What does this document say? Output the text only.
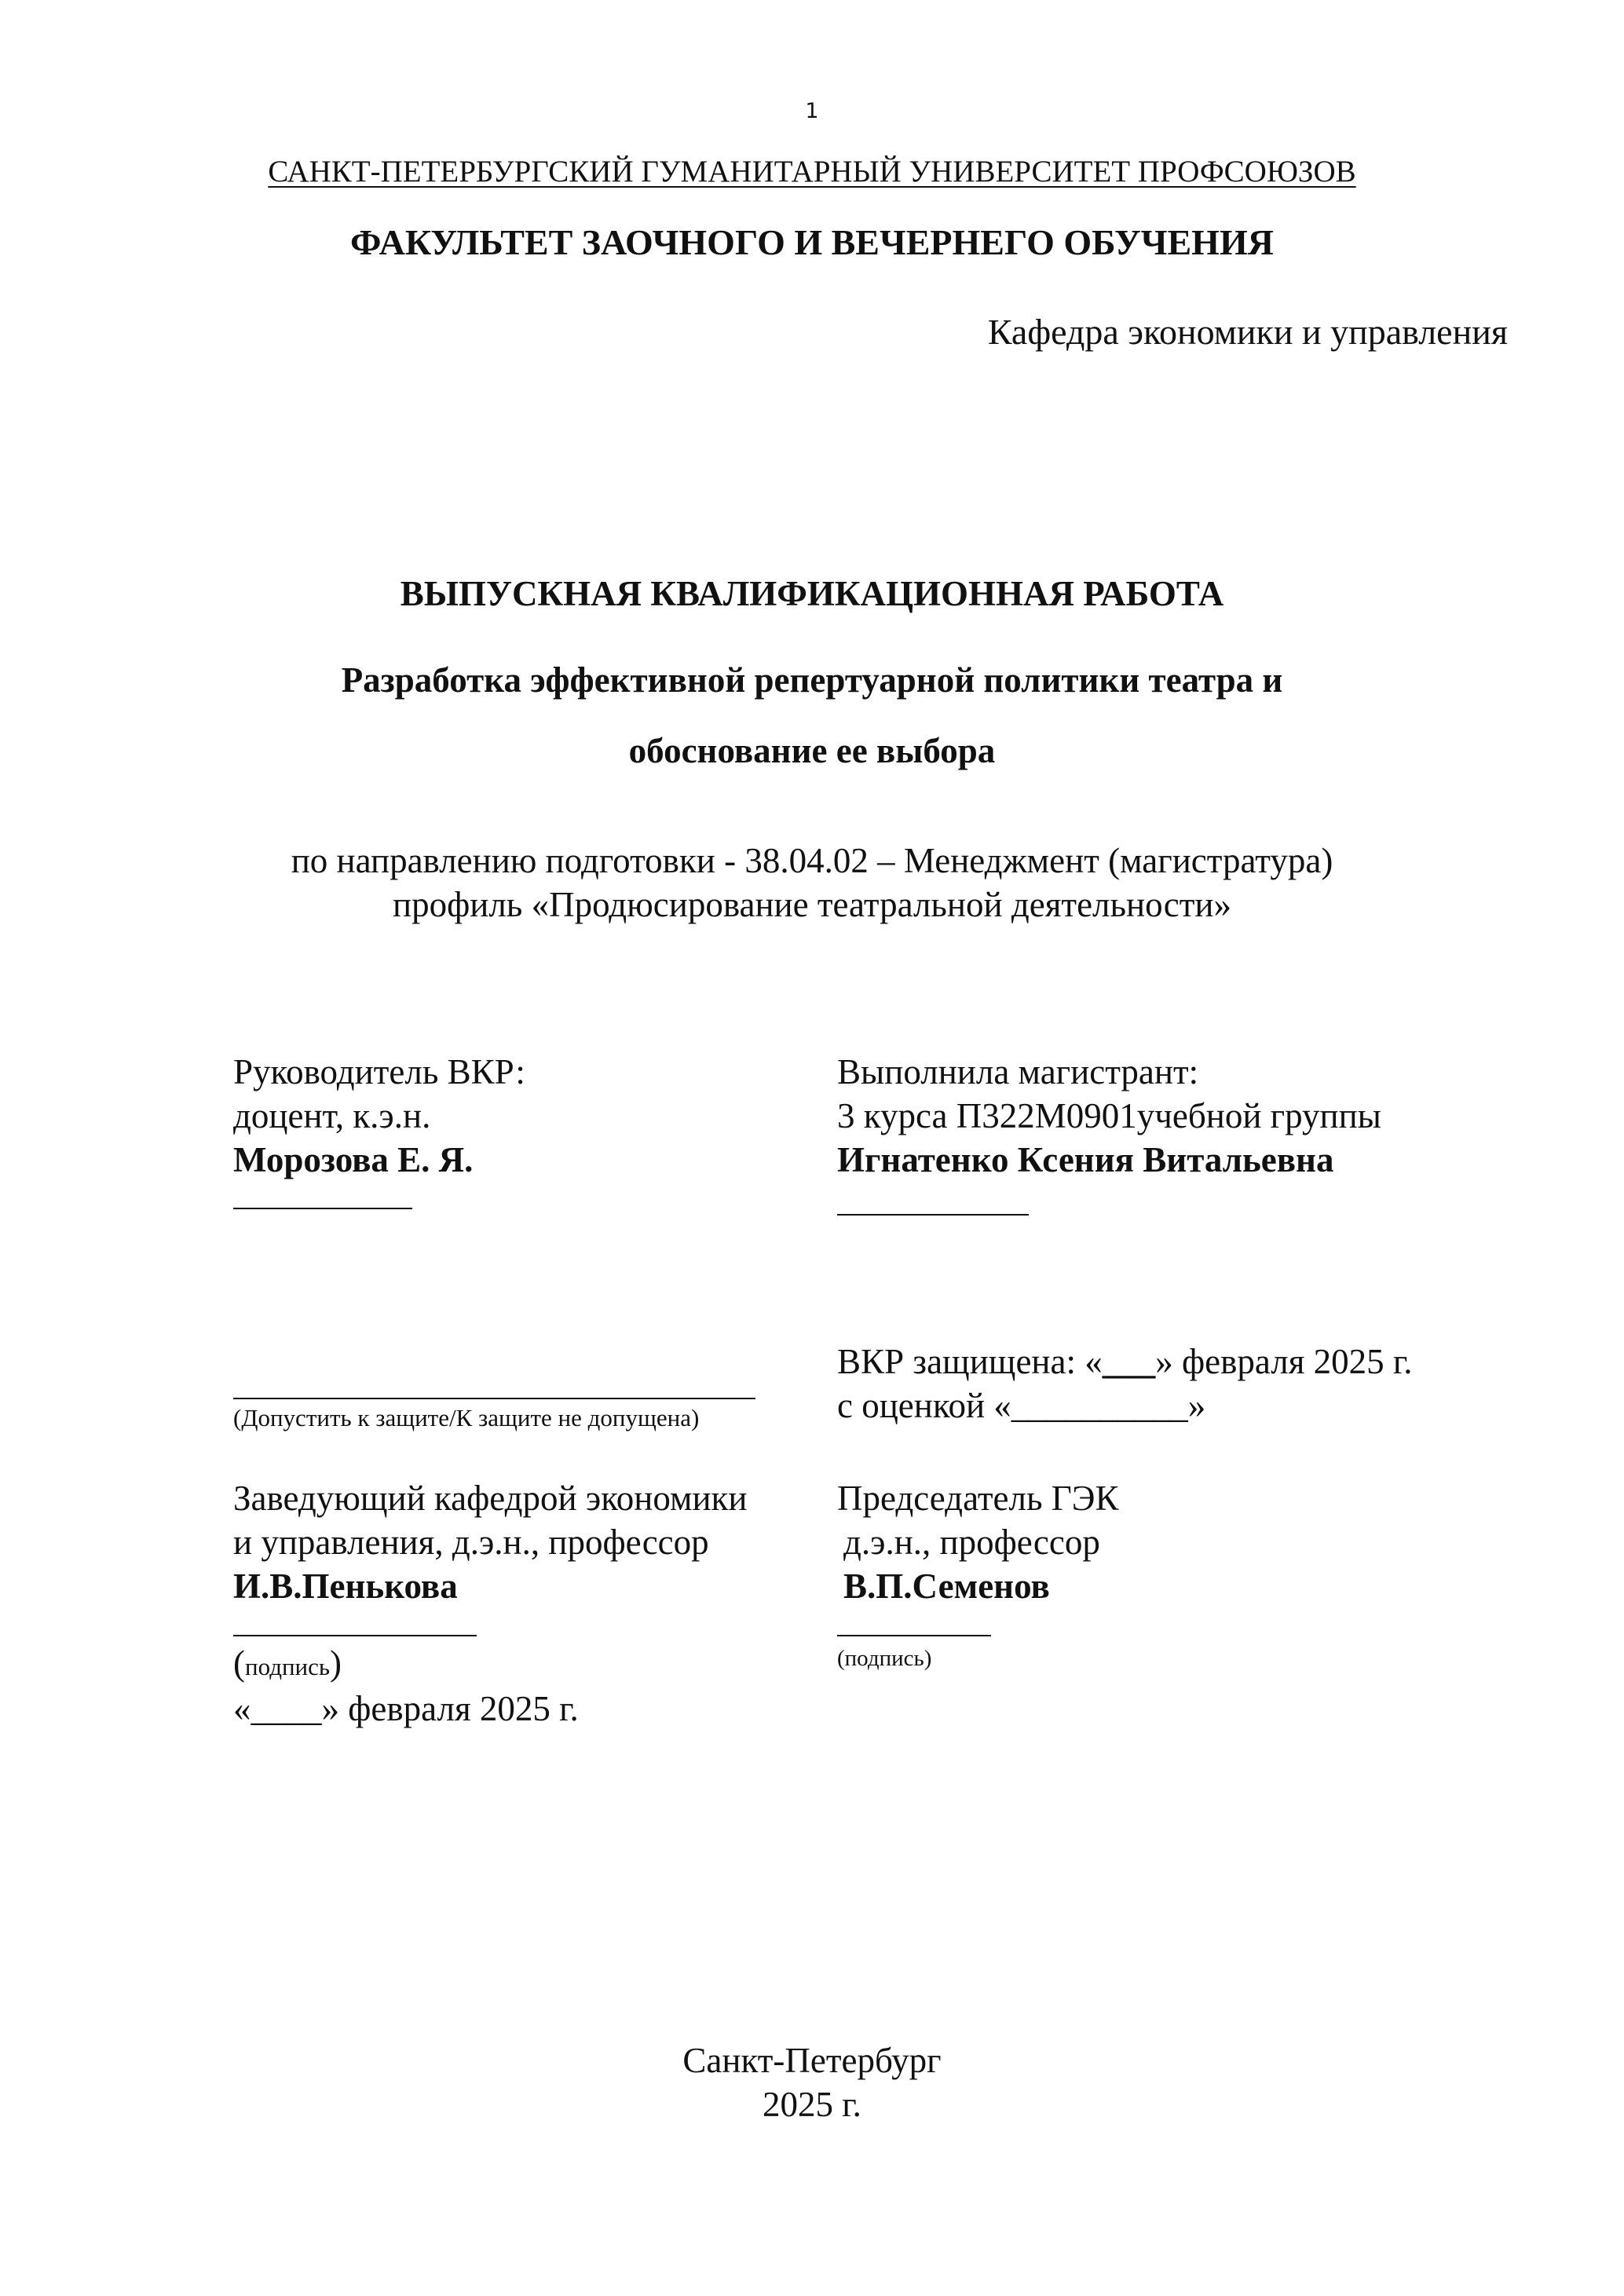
1
САНКТ-ПЕТЕРБУРГСКИЙ ГУМАНИТАРНЫЙ УНИВЕРСИТЕТ ПРОФСОЮЗОВ
ФАКУЛЬТЕТ ЗАОЧНОГО И ВЕЧЕРНЕГО ОБУЧЕНИЯ
Кафедра экономики и управления
ВЫПУСКНАЯ КВАЛИФИКАЦИОННАЯ РАБОТА
Разработка эффективной репертуарной политики театра и
обоснование ее выбора
по направлению подготовки - 38.04.02 – Менеджмент (магистратура)
профиль «Продюсирование театральной деятельности»
Руководитель ВКР:
доцент, к.э.н.
Морозова Е. Я.
Выполнила магистрант:
3 курса П322М0901учебной группы
Игнатенко Ксения Витальевна
(Допустить к защите/К защите не допущена)
ВКР защищена: «___» февраля 2025 г.
с оценкой «__________»
Заведующий кафедрой экономики
и управления, д.э.н., профессор
И.В.Пенькова
(подпись)
«____» февраля 2025 г.
Председатель ГЭК
д.э.н., профессор
В.П.Семенов
(подпись)
Санкт-Петербург
2025 г.
